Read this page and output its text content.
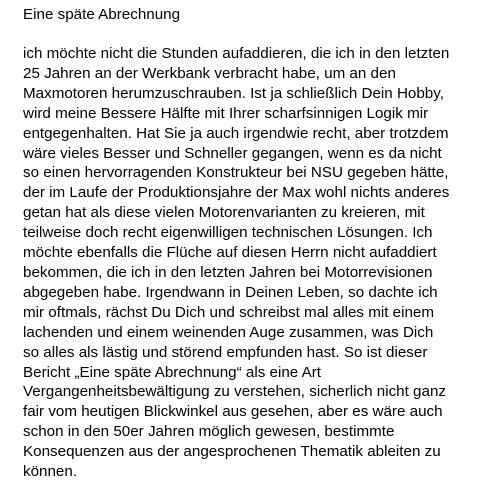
Eine späte Abrechnung

ich möchte nicht die Stunden aufaddieren, die ich in den letzten
25 Jahren an der Werkbank verbracht habe, um an den
Maxmotoren herumzuschrauben. Ist ja schließlich Dein Hobby,
wird meine Bessere Hälfte mit Ihrer scharfsinnigen Logik mir
entgegenhalten. Hat Sie ja auch irgendwie recht, aber trotzdem
wäre vieles Besser und Schneller gegangen, wenn es da nicht
so einen hervorragenden Konstrukteur bei NSU gegeben hätte,
der im Laufe der Produktionsjahre der Max wohl nichts anderes
getan hat als diese vielen Motorenvarianten zu kreieren, mit
teilweise doch recht eigenwilligen technischen Lösungen. Ich
möchte ebenfalls die Flüche auf diesen Herrn nicht aufaddiert
bekommen, die ich in den letzten Jahren bei Motorrevisionen
abgegeben habe. Irgendwann in Deinen Leben, so dachte ich
mir oftmals, rächst Du Dich und schreibst mal alles mit einem
lachenden und einem weinenden Auge zusammen, was Dich
so alles als lästig und störend empfunden hast. So ist dieser
Bericht „Eine späte Abrechnung“ als eine Art
Vergangenheitsbewältigung zu verstehen, sicherlich nicht ganz
fair vom heutigen Blickwinkel aus gesehen, aber es wäre auch
schon in den 50er Jahren möglich gewesen, bestimmte
Konsequenzen aus der angesprochenen Thematik ableiten zu
können.
